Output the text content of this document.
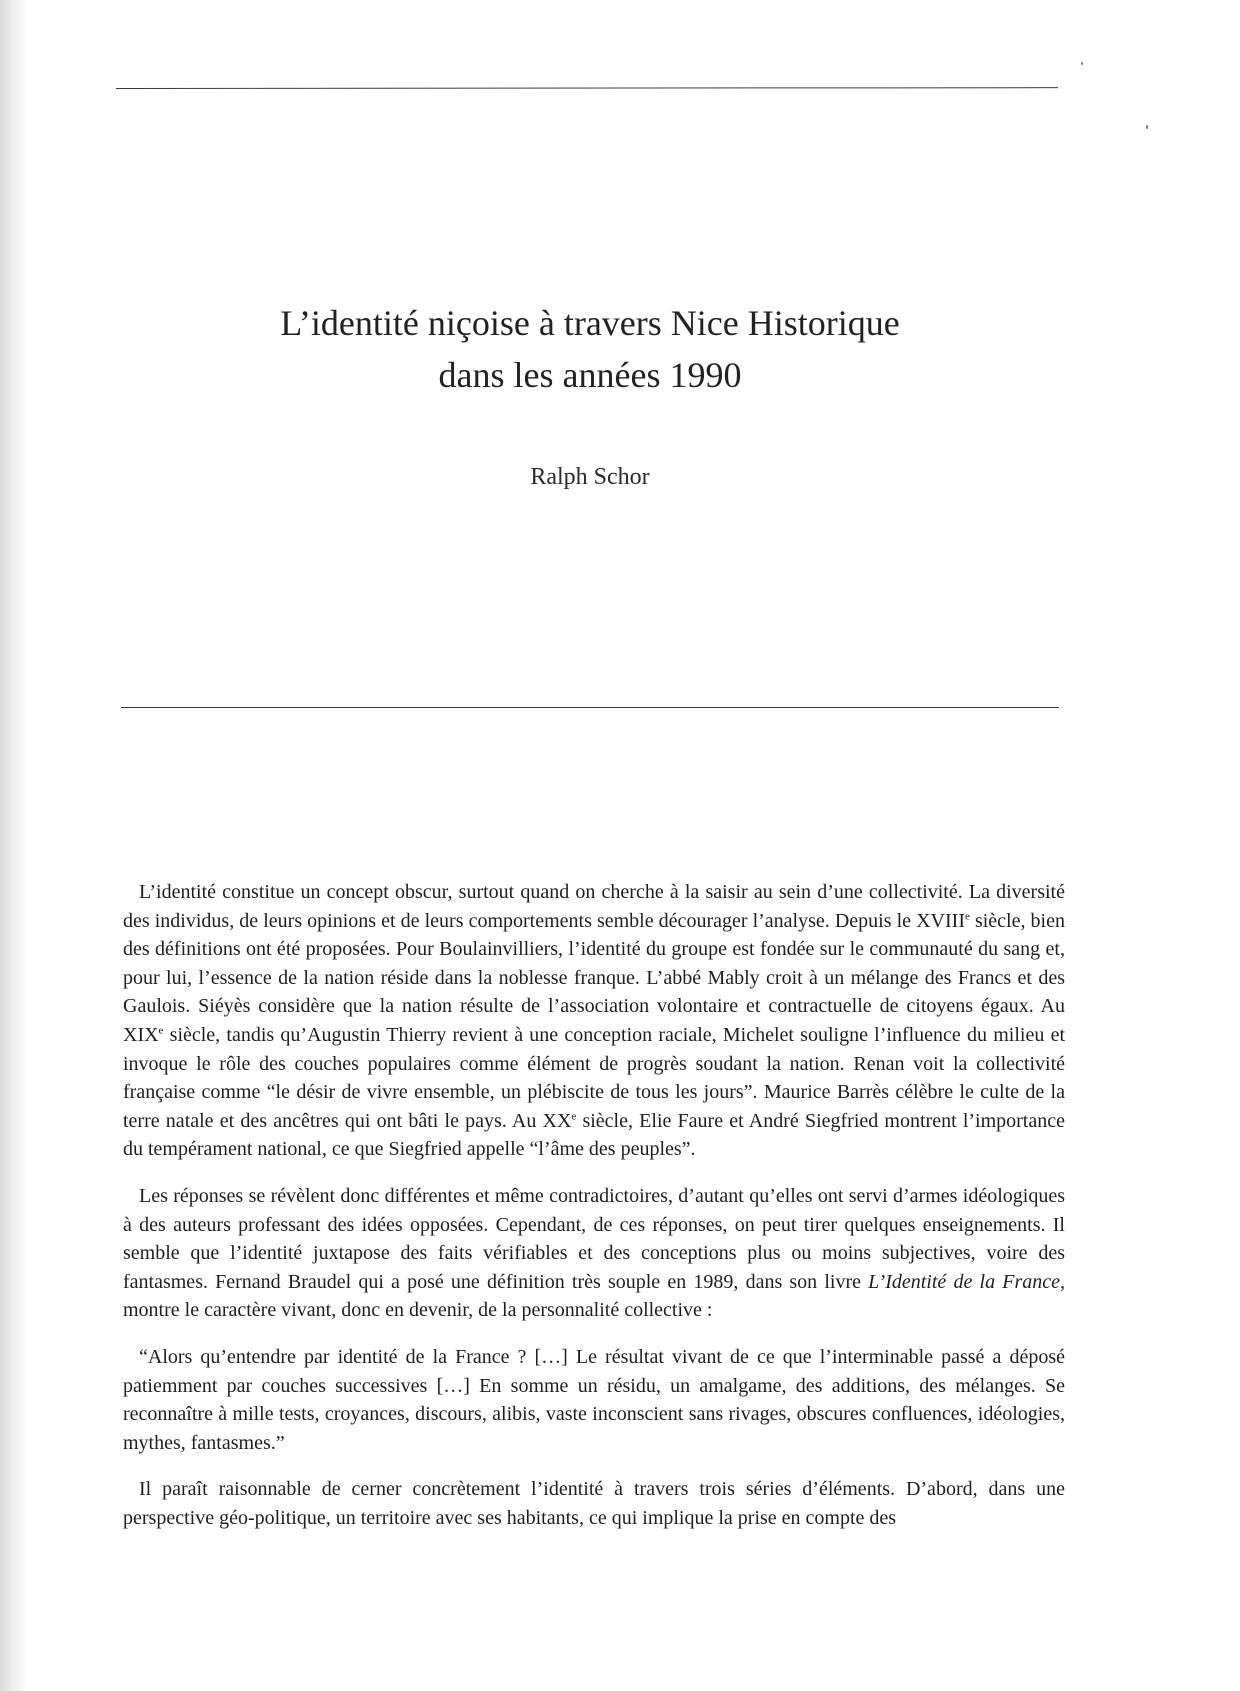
L’identité niçoise à travers Nice Historique
dans les années 1990
Ralph Schor

L’identité constitue un concept obscur, surtout quand on cherche à la saisir au sein d’une collectivité. La diversité des individus, de leurs opinions et de leurs comportements semble décourager l’analyse. Depuis le XVIIIe siècle, bien des définitions ont été proposées. Pour Boulainvilliers, l’identité du groupe est fondée sur le communauté du sang et, pour lui, l’essence de la nation réside dans la noblesse franque. L’abbé Mably croit à un mélange des Francs et des Gaulois. Siéyès considère que la nation résulte de l’association volontaire et contractuelle de citoyens égaux. Au XIXe siècle, tandis qu’Augustin Thierry revient à une conception raciale, Michelet souligne l’influence du milieu et invoque le rôle des couches populaires comme élément de progrès soudant la nation. Renan voit la collectivité française comme “le désir de vivre ensemble, un plébiscite de tous les jours”. Maurice Barrès célèbre le culte de la terre natale et des ancêtres qui ont bâti le pays. Au XXe siècle, Elie Faure et André Siegfried montrent l’importance du tempérament national, ce que Siegfried appelle “l’âme des peuples”.

Les réponses se révèlent donc différentes et même contradictoires, d’autant qu’elles ont servi d’armes idéologiques à des auteurs professant des idées opposées. Cependant, de ces réponses, on peut tirer quelques enseignements. Il semble que l’identité juxtapose des faits vérifiables et des conceptions plus ou moins subjectives, voire des fantasmes. Fernand Braudel qui a posé une définition très souple en 1989, dans son livre L’Identité de la France, montre le caractère vivant, donc en devenir, de la personnalité collective :

“Alors qu’entendre par identité de la France ? […] Le résultat vivant de ce que l’interminable passé a déposé patiemment par couches successives […] En somme un résidu, un amalgame, des additions, des mélanges. Se reconnaître à mille tests, croyances, discours, alibis, vaste inconscient sans rivages, obscures confluences, idéologies, mythes, fantasmes.”

Il paraît raisonnable de cerner concrètement l’identité à travers trois séries d’éléments. D’abord, dans une perspective géo-politique, un territoire avec ses habitants, ce qui implique la prise en compte des
